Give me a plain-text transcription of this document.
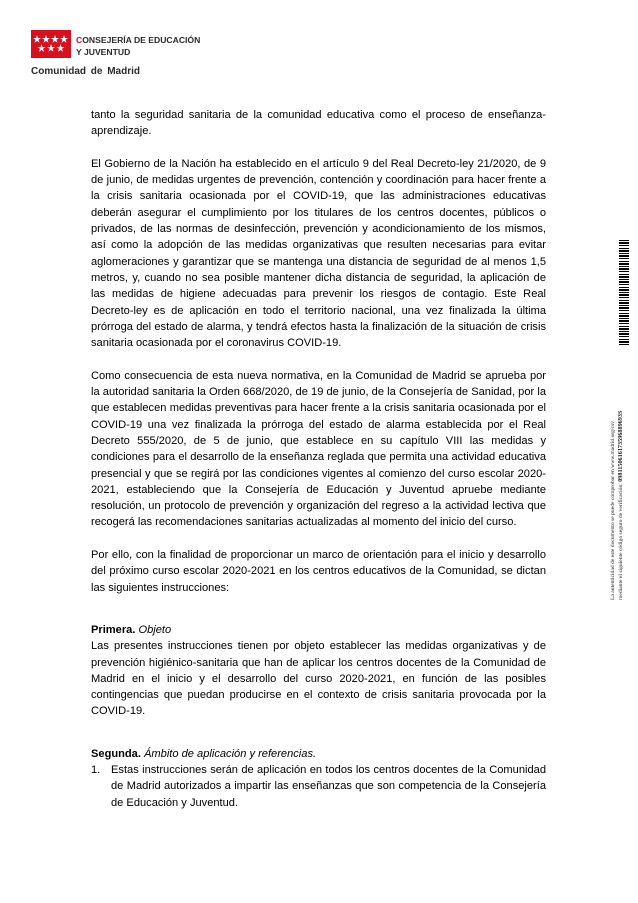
CONSEJERÍA DE EDUCACIÓN
Y JUVENTUD
Comunidad de Madrid

tanto la seguridad sanitaria de la comunidad educativa como el proceso de enseñanza-aprendizaje.

El Gobierno de la Nación ha establecido en el artículo 9 del Real Decreto-ley 21/2020, de 9 de junio, de medidas urgentes de prevención, contención y coordinación para hacer frente a la crisis sanitaria ocasionada por el COVID-19, que las administraciones educativas deberán asegurar el cumplimiento por los titulares de los centros docentes, públicos o privados, de las normas de desinfección, prevención y acondicionamiento de los mismos, así como la adopción de las medidas organizativas que resulten necesarias para evitar aglomeraciones y garantizar que se mantenga una distancia de seguridad de al menos 1,5 metros, y, cuando no sea posible mantener dicha distancia de seguridad, la aplicación de las medidas de higiene adecuadas para prevenir los riesgos de contagio. Este Real Decreto-ley es de aplicación en todo el territorio nacional, una vez finalizada la última prórroga del estado de alarma, y tendrá efectos hasta la finalización de la situación de crisis sanitaria ocasionada por el coronavirus COVID-19.

Como consecuencia de esta nueva normativa, en la Comunidad de Madrid se aprueba por la autoridad sanitaria la Orden 668/2020, de 19 de junio, de la Consejería de Sanidad, por la que establecen medidas preventivas para hacer frente a la crisis sanitaria ocasionada por el COVID-19 una vez finalizada la prórroga del estado de alarma establecida por el Real Decreto 555/2020, de 5 de junio, que establece en su capítulo VIII las medidas y condiciones para el desarrollo de la enseñanza reglada que permita una actividad educativa presencial y que se regirá por las condiciones vigentes al comienzo del curso escolar 2020-2021, estableciendo que la Consejería de Educación y Juventud apruebe mediante resolución, un protocolo de prevención y organización del regreso a la actividad lectiva que recogerá las recomendaciones sanitarias actualizadas al momento del inicio del curso.

Por ello, con la finalidad de proporcionar un marco de orientación para el inicio y desarrollo del próximo curso escolar 2020-2021 en los centros educativos de la Comunidad, se dictan las siguientes instrucciones:

Primera. Objeto

Las presentes instrucciones tienen por objeto establecer las medidas organizativas y de prevención higiénico-sanitaria que han de aplicar los centros docentes de la Comunidad de Madrid en el inicio y el desarrollo del curso 2020-2021, en función de las posibles contingencias que puedan producirse en el contexto de crisis sanitaria provocada por la COVID-19.

Segunda. Ámbito de aplicación y referencias.

1. Estas instrucciones serán de aplicación en todos los centros docentes de la Comunidad de Madrid autorizados a impartir las enseñanzas que son competencia de la Consejería de Educación y Juventud.
La autenticidad de este documento se puede comprobar en www.madrid.org/csv mediante el siguiente código seguro de verificación: 0981150616173596889693S
